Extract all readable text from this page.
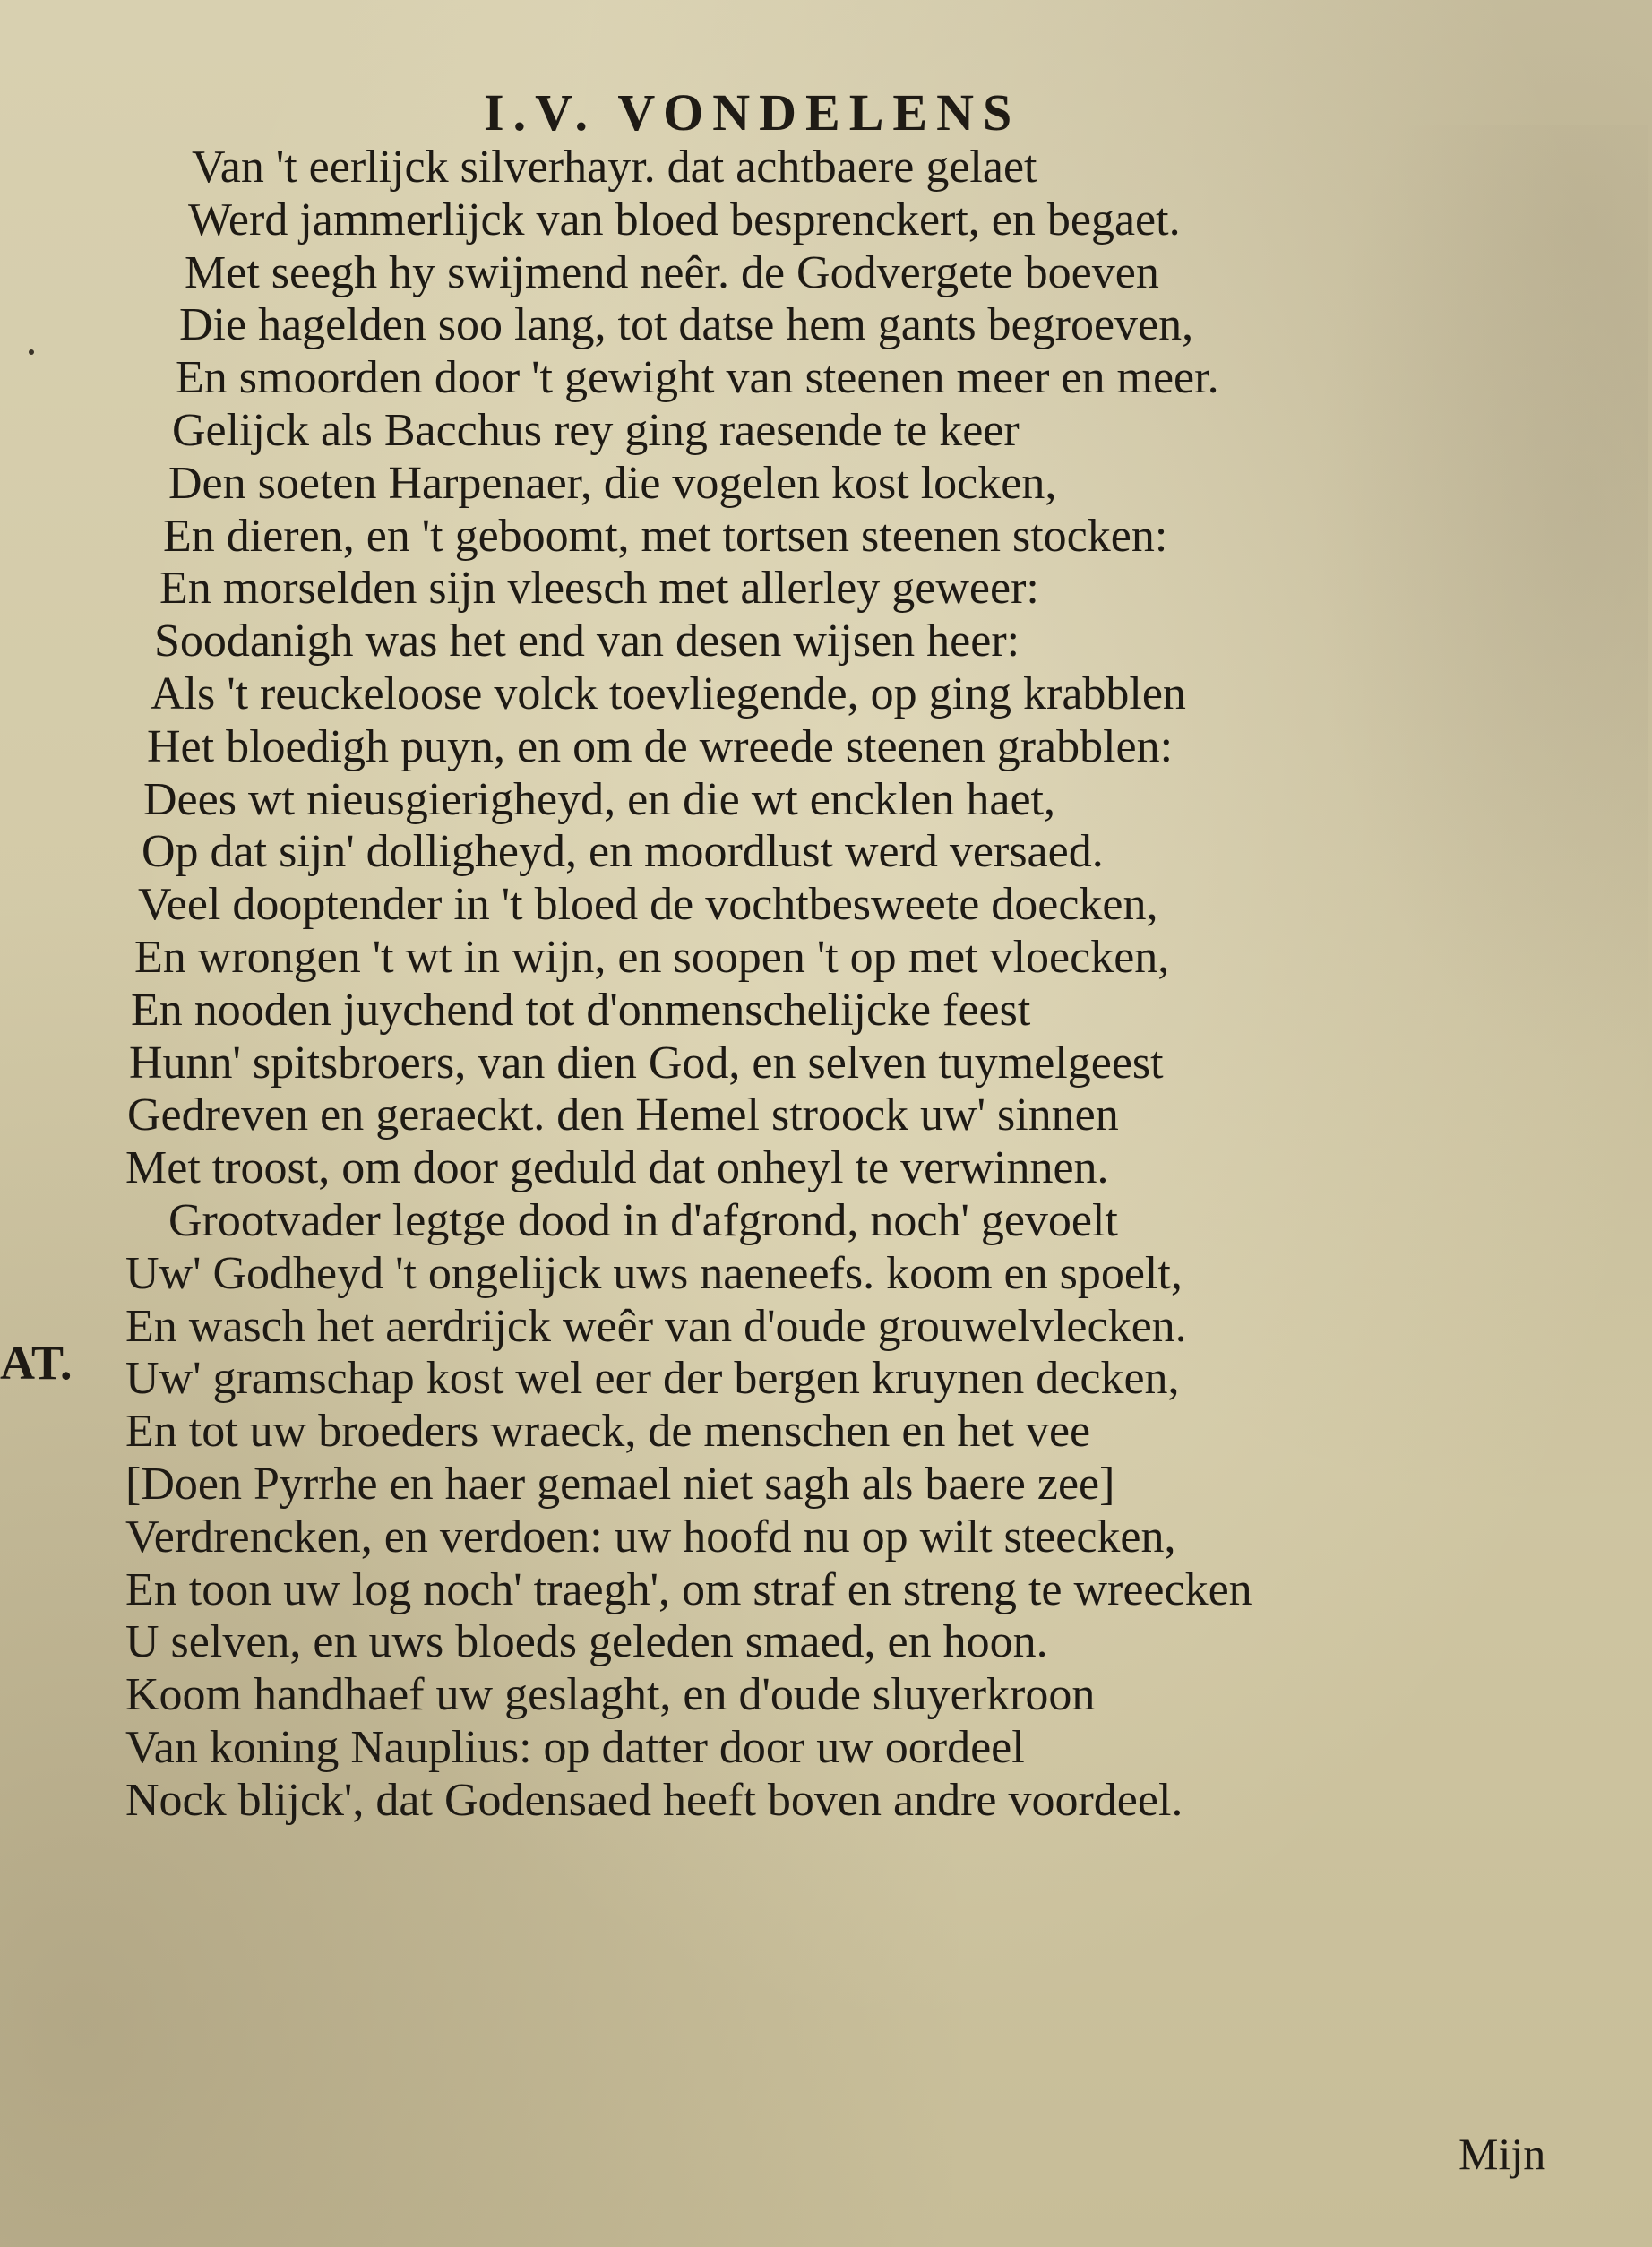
I.V. VONDELENS
Van 't eerlijck silverhayr. dat achtbaere gelaet
Werd jammerlijck van bloed besprenckert, en begaet.
Met seegh hy swijmend neêr. de Godvergete boeven
Die hagelden soo lang, tot datse hem gants begroeven,
En smoorden door 't gewight van steenen meer en meer.
Gelijck als Bacchus rey ging raesende te keer
Den soeten Harpenaer, die vogelen kost locken,
En dieren, en 't geboomt, met tortsen steenen stocken:
En morselden sijn vleesch met allerley geweer:
Soodanigh was het end van desen wijsen heer:
Als 't reuckeloose volck toevliegende, op ging krabblen
Het bloedigh puyn, en om de wreede steenen grabblen:
Dees wt nieusgierigheyd, en die wt encklen haet,
Op dat sijn' dolligheyd, en moordlust werd versaed.
Veel dooptender in 't bloed de vochtbesweete doecken,
En wrongen 't wt in wijn, en soopen 't op met vloecken,
En nooden juychend tot d'onmenschelijcke feest
Hunn' spitsbroers, van dien God, en selven tuymelgeest
Gedreven en geraeckt. den Hemel stroock uw' sinnen
Met troost, om door geduld dat onheyl te verwinnen.
Grootvader legtge dood in d'afgrond, noch' gevoelt
Uw' Godheyd 't ongelijck uws naeneefs. koom en spoelt,
En wasch het aerdrijck weêr van d'oude grouwelvlecken.
Uw' gramschap kost wel eer der bergen kruynen decken,
En tot uw broeders wraeck, de menschen en het vee
[Doen Pyrrhe en haer gemael niet sagh als baere zee]
Verdrencken, en verdoen: uw hoofd nu op wilt steecken,
En toon uw log noch' traegh', om straf en streng te wreecken
U selven, en uws bloeds geleden smaed, en hoon.
Koom handhaef uw geslaght, en d'oude sluyerkroon
Van koning Nauplius: op datter door uw oordeel
Nock blijck', dat Godensaed heeft boven andre voordeel.
AT.
Mijn
